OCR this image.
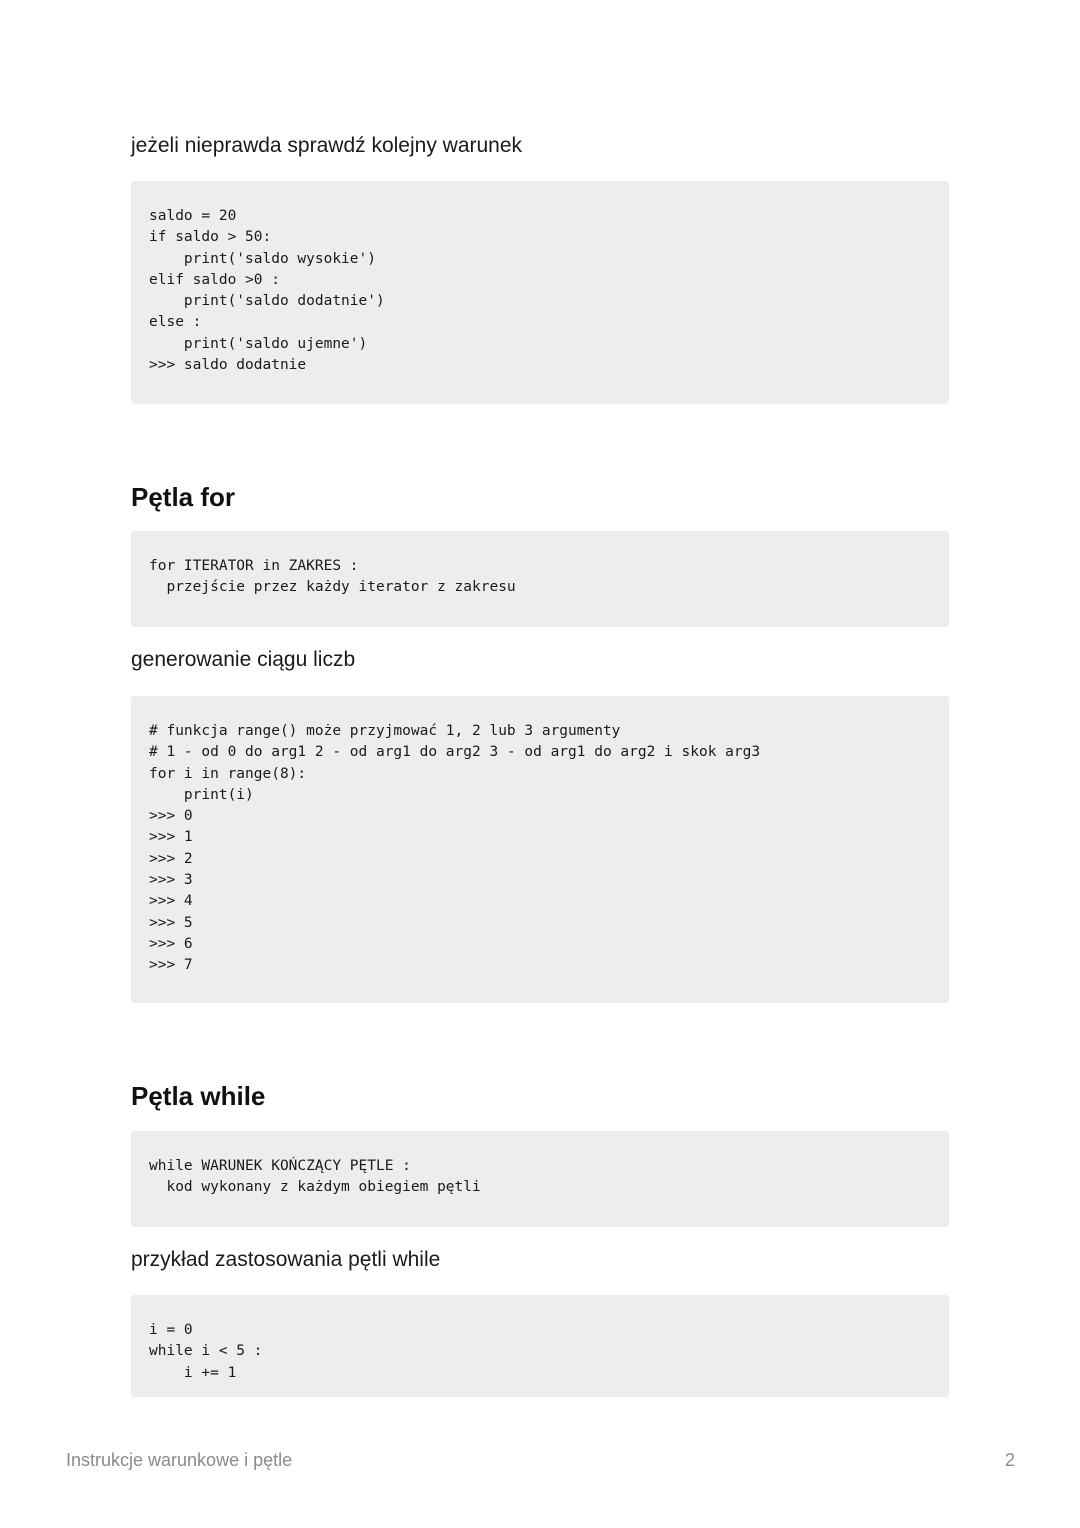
jeżeli nieprawda sprawdź kolejny warunek

saldo = 20
if saldo > 50:
print('saldo wysokie')
elif saldo >0 :
print('saldo dodatnie')
else :
print('saldo ujemne')
>>> saldo dodatnie
Pętla for
for ITERATOR in ZAKRES :
przejście przez każdy iterator z zakresu

generowanie ciągu liczb

# funkcja range() może przyjmować 1, 2 lub 3 argumenty
# 1 - od 0 do arg1 2 - od arg1 do arg2 3 - od arg1 do arg2 i skok arg3
for i in range(8):
print(i)
>>> 0
>>> 1
>>> 2
>>> 3
>>> 4
>>> 5
>>> 6
>>> 7
Pętla while
while WARUNEK KOŃCZĄCY PĘTLE :
kod wykonany z każdym obiegiem pętli

przykład zastosowania pętli while

i = 0
while i < 5 :
i += 1
Instrukcje warunkowe i pętle	2
